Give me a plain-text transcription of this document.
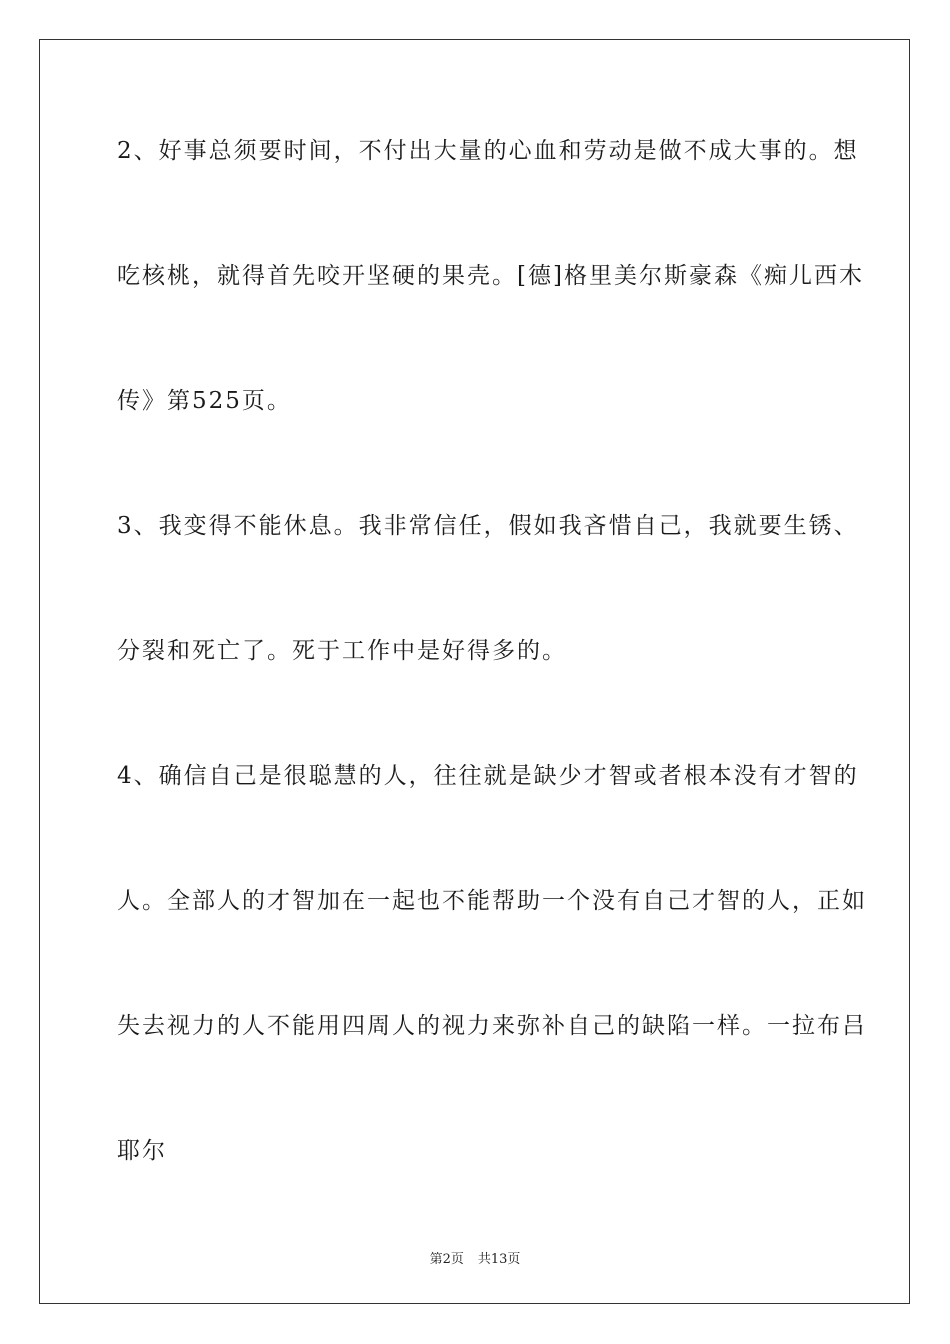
2、好事总须要时间，不付出大量的心血和劳动是做不成大事的。想
吃核桃，就得首先咬开坚硬的果壳。[德]格里美尔斯豪森《痴儿西木
传》第525页。
3、我变得不能休息。我非常信任，假如我吝惜自己，我就要生锈、
分裂和死亡了。死于工作中是好得多的。
4、确信自己是很聪慧的人，往往就是缺少才智或者根本没有才智的
人。全部人的才智加在一起也不能帮助一个没有自己才智的人，正如
失去视力的人不能用四周人的视力来弥补自己的缺陷一样。一拉布吕
耶尔
第2页 共13页
